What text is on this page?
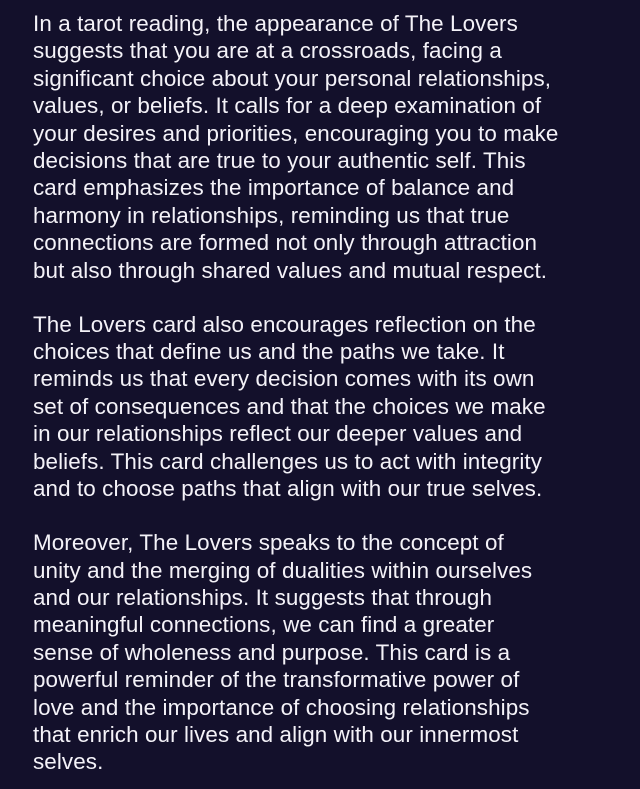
In a tarot reading, the appearance of The Lovers
suggests that you are at a crossroads, facing a
significant choice about your personal relationships,
values, or beliefs. It calls for a deep examination of
your desires and priorities, encouraging you to make
decisions that are true to your authentic self. This
card emphasizes the importance of balance and
harmony in relationships, reminding us that true
connections are formed not only through attraction
but also through shared values and mutual respect.

The Lovers card also encourages reflection on the
choices that define us and the paths we take. It
reminds us that every decision comes with its own
set of consequences and that the choices we make
in our relationships reflect our deeper values and
beliefs. This card challenges us to act with integrity
and to choose paths that align with our true selves.

Moreover, The Lovers speaks to the concept of
unity and the merging of dualities within ourselves
and our relationships. It suggests that through
meaningful connections, we can find a greater
sense of wholeness and purpose. This card is a
powerful reminder of the transformative power of
love and the importance of choosing relationships
that enrich our lives and align with our innermost
selves.
